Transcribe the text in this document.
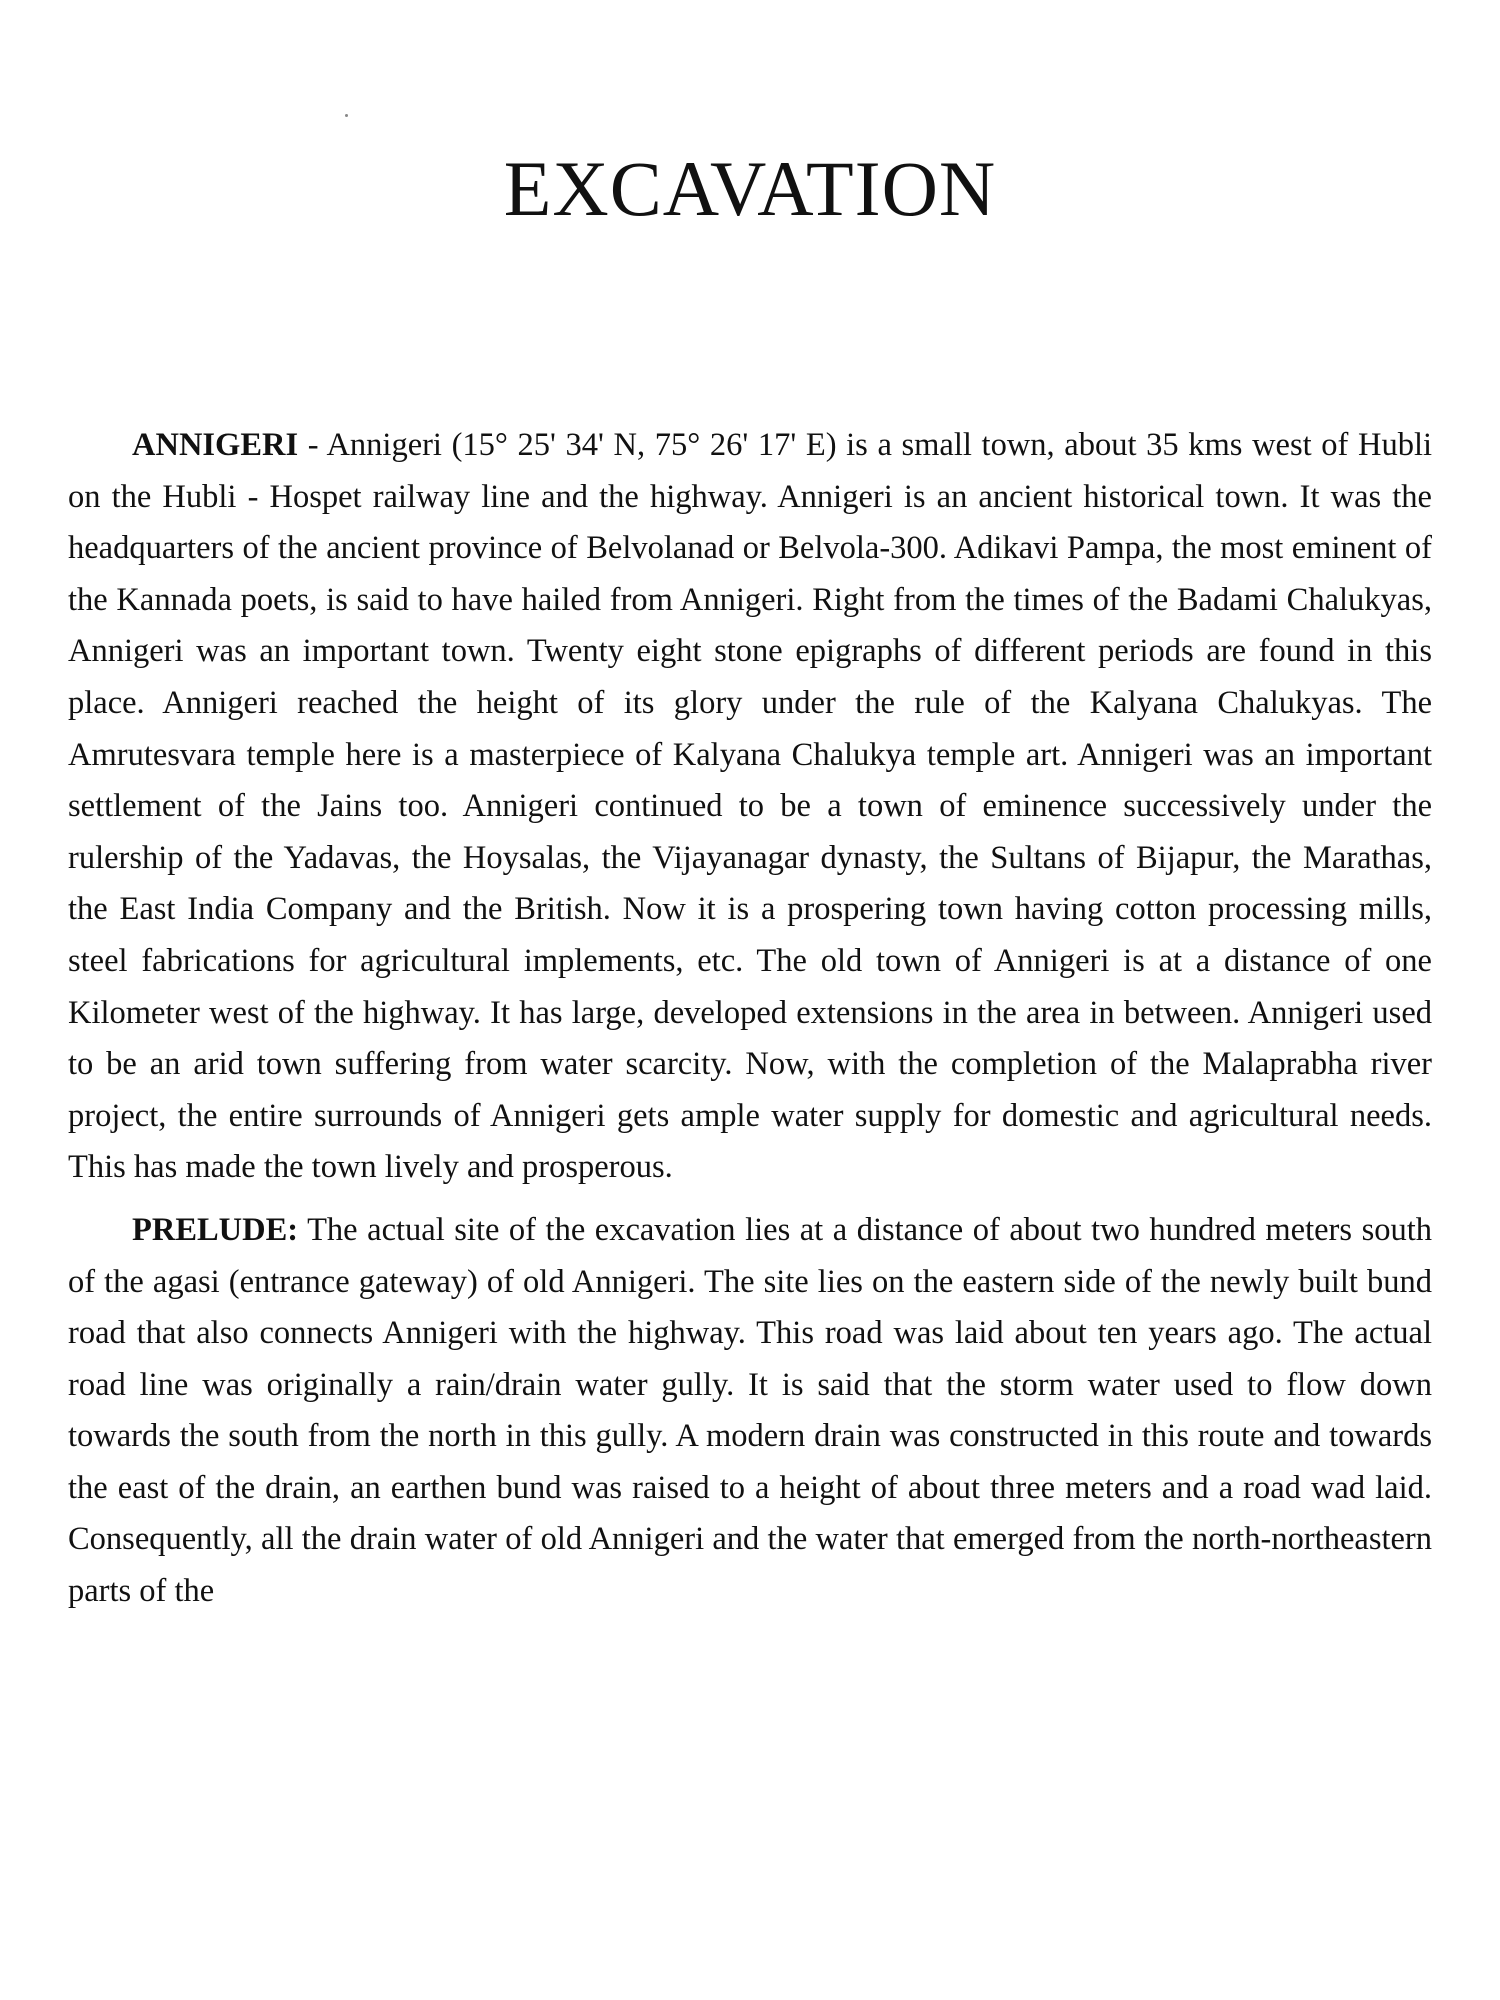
EXCAVATION

ANNIGERI - Annigeri (15° 25' 34' N, 75° 26' 17' E) is a small town, about 35 kms west of Hubli on the Hubli - Hospet railway line and the highway. Annigeri is an ancient historical town. It was the headquarters of the ancient province of Belvolanad or Belvola-300. Adikavi Pampa, the most eminent of the Kannada poets, is said to have hailed from Annigeri. Right from the times of the Badami Chalukyas, Annigeri was an important town. Twenty eight stone epigraphs of different periods are found in this place. Annigeri reached the height of its glory under the rule of the Kalyana Chalukyas. The Amrutesvara temple here is a masterpiece of Kalyana Chalukya temple art. Annigeri was an important settlement of the Jains too. Annigeri continued to be a town of eminence successively under the rulership of the Yadavas, the Hoysalas, the Vijayanagar dynasty, the Sultans of Bijapur, the Marathas, the East India Company and the British. Now it is a prospering town having cotton processing mills, steel fabrications for agricultural implements, etc. The old town of Annigeri is at a distance of one Kilometer west of the highway. It has large, developed extensions in the area in between. Annigeri used to be an arid town suffering from water scarcity. Now, with the completion of the Malaprabha river project, the entire surrounds of Annigeri gets ample water supply for domestic and agricultural needs. This has made the town lively and prosperous.

PRELUDE: The actual site of the excavation lies at a distance of about two hundred meters south of the agasi (entrance gateway) of old Annigeri. The site lies on the eastern side of the newly built bund road that also connects Annigeri with the highway. This road was laid about ten years ago. The actual road line was originally a rain/drain water gully. It is said that the storm water used to flow down towards the south from the north in this gully. A modern drain was constructed in this route and towards the east of the drain, an earthen bund was raised to a height of about three meters and a road wad laid. Consequently, all the drain water of old Annigeri and the water that emerged from the north-northeastern parts of the
